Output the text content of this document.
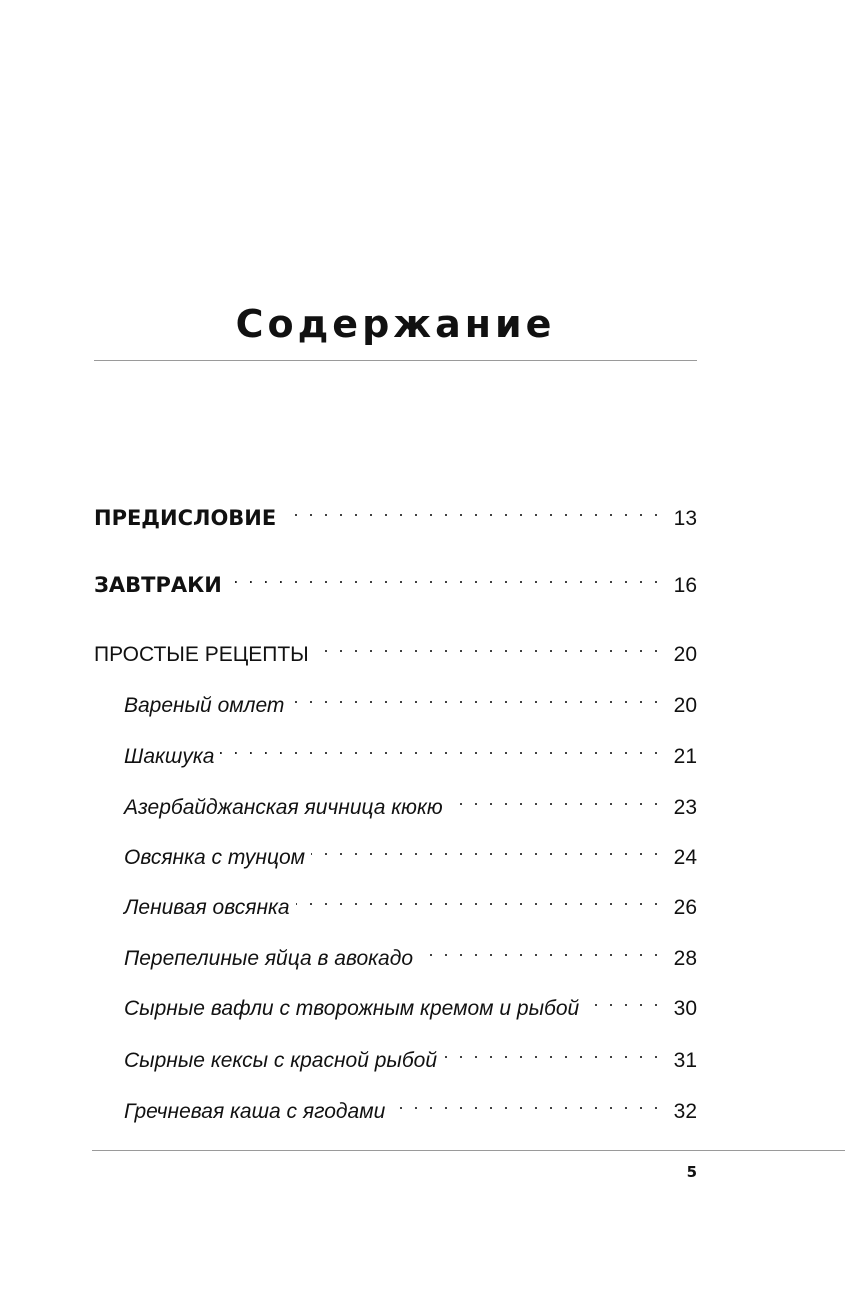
Содержание
ПРЕДИСЛОВИЕ . . .	13
ЗАВТРАКИ . . .	16
ПРОСТЫЕ РЕЦЕПТЫ . . .	20
Вареный омлет . . .	20
Шакшука . . .	21
Азербайджанская яичница кюкю . . .	23
Овсянка с тунцом . . .	24
Ленивая овсянка . . .	26
Перепелиные яйца в авокадо . . .	28
Сырные вафли с творожным кремом и рыбой . . .	30
Сырные кексы с красной рыбой . . .	31
Гречневая каша с ягодами . . .	32
5
